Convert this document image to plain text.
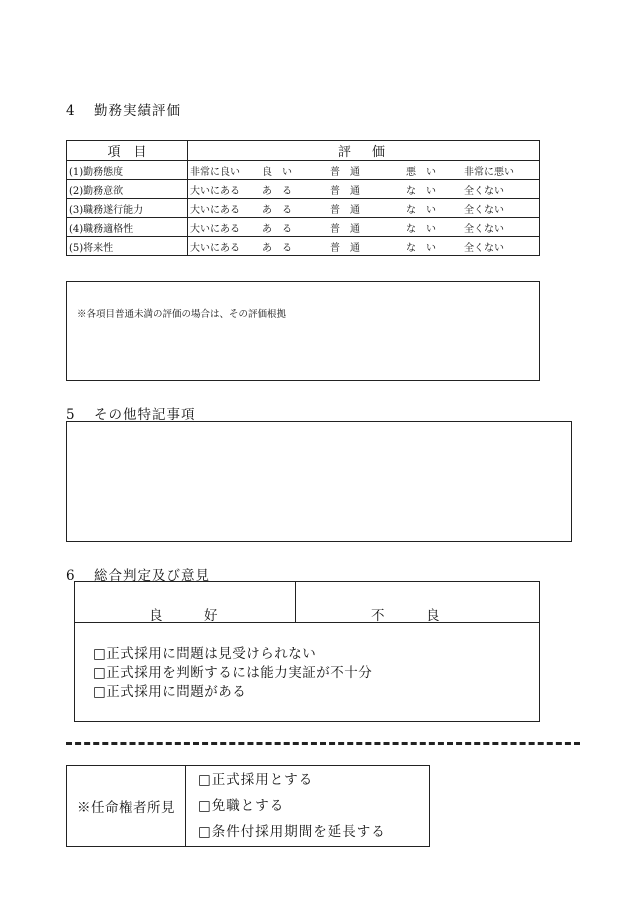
4 勤務実績評価
項　目	評　価
(1)勤務態度	非常に良い 良　い 普　通 悪　い 非常に悪い
(2)勤務意欲	大いにある あ　る 普　通 な　い 全くない
(3)職務遂行能力	大いにある あ　る 普　通 な　い 全くない
(4)職務適格性	大いにある あ　る 普　通 な　い 全くない
(5)将来性	大いにある あ　る 普　通 な　い 全くない
※各項目普通未満の評価の場合は、その評価根拠
5 その他特記事項
6 総合判定及び意見
良　好	不　良
□正式採用に問題は見受けられない
□正式採用を判断するには能力実証が不十分
□正式採用に問題がある
※任命権者所見	
□正式採用とする
□免職とする
□条件付採用期間を延長する
